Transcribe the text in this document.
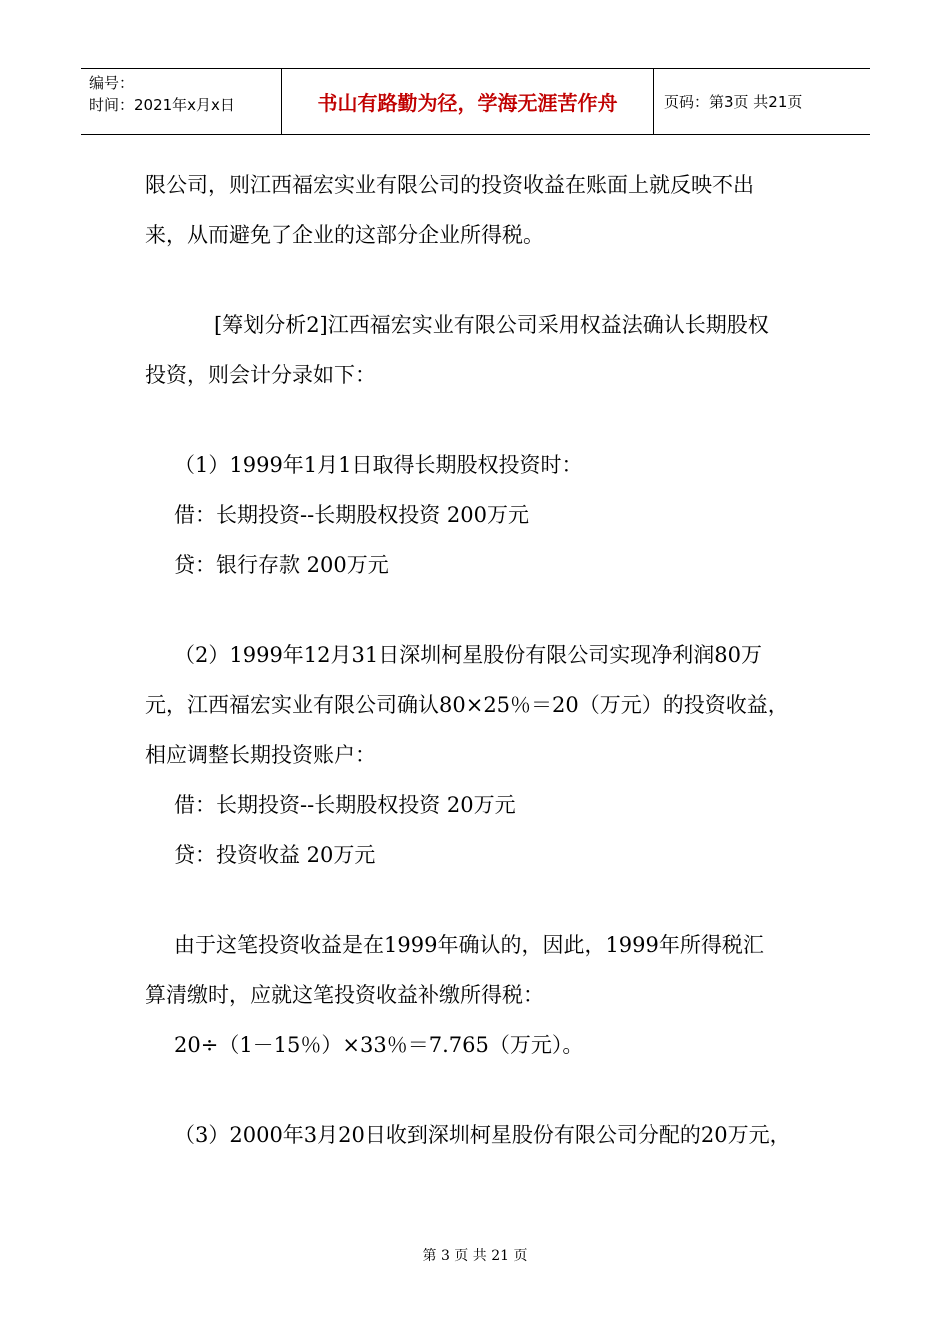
编号：
时间：2021年x月x日	书山有路勤为径，学海无涯苦作舟	页码：第3页 共21页

限公司，则江西福宏实业有限公司的投资收益在账面上就反映不出

来，从而避免了企业的这部分企业所得税。

[筹划分析2]江西福宏实业有限公司采用权益法确认长期股权

投资，则会计分录如下：

（1）1999年1月1日取得长期股权投资时：

借：长期投资--长期股权投资 200万元

贷：银行存款 200万元

（2）1999年12月31日深圳柯星股份有限公司实现净利润80万

元，江西福宏实业有限公司确认80×25％＝20（万元）的投资收益，

相应调整长期投资账户：

借：长期投资--长期股权投资 20万元

贷：投资收益 20万元

由于这笔投资收益是在1999年确认的，因此，1999年所得税汇

算清缴时，应就这笔投资收益补缴所得税：

20÷（1－15％）×33％＝7.765（万元）。

（3）2000年3月20日收到深圳柯星股份有限公司分配的20万元，

第 3 页 共 21 页
